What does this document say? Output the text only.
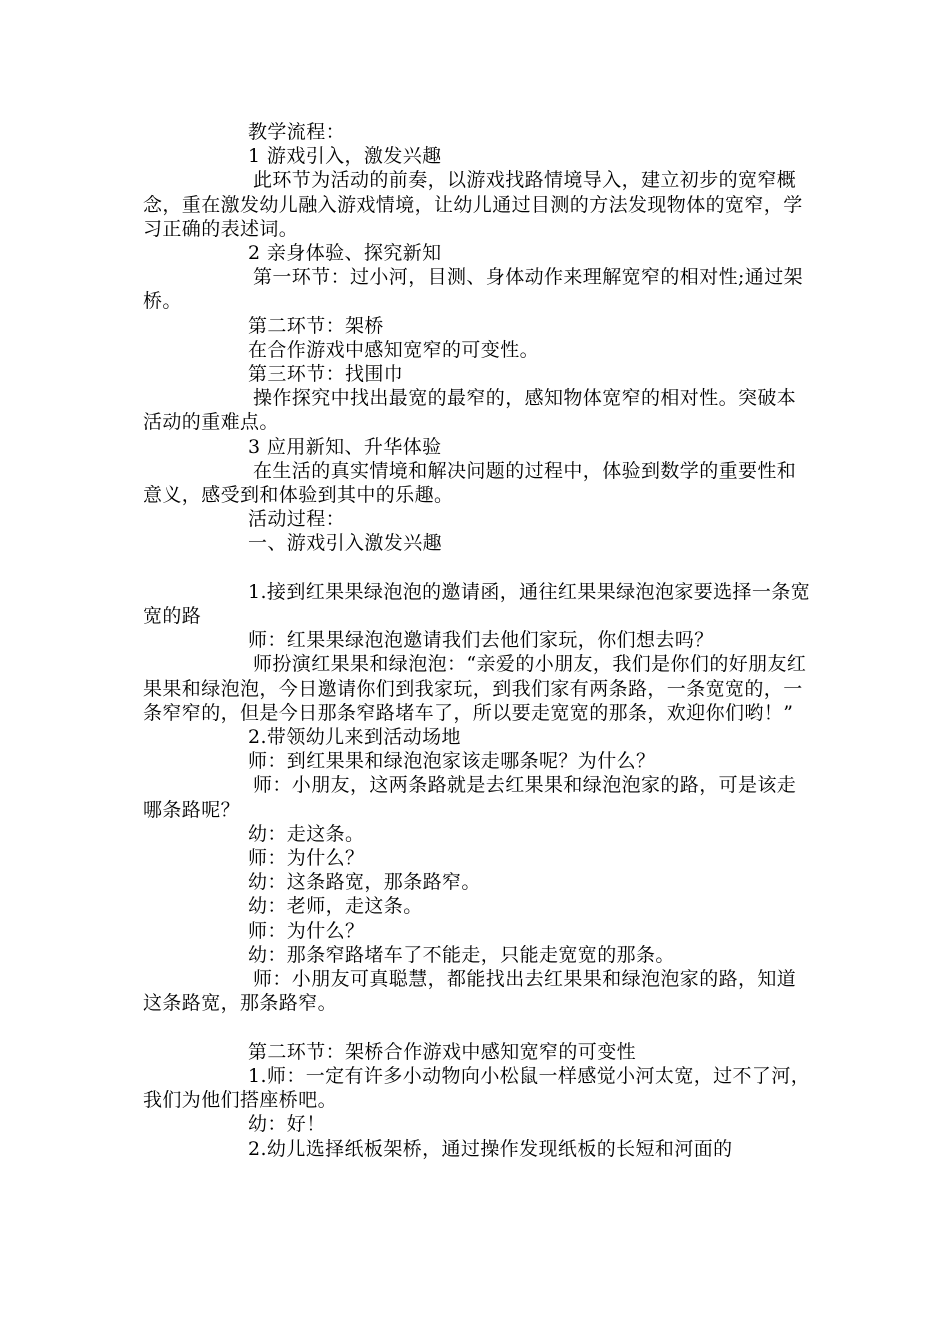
教学流程：

1 游戏引入，激发兴趣

此环节为活动的前奏，以游戏找路情境导入，建立初步的宽窄概念，重在激发幼儿融入游戏情境，让幼儿通过目测的方法发现物体的宽窄，学习正确的表述词。

2 亲身体验、探究新知

第一环节：过小河，目测、身体动作来理解宽窄的相对性;通过架桥。

第二环节：架桥

在合作游戏中感知宽窄的可变性。

第三环节：找围巾

操作探究中找出最宽的最窄的，感知物体宽窄的相对性。突破本活动的重难点。

3 应用新知、升华体验

在生活的真实情境和解决问题的过程中，体验到数学的重要性和意义，感受到和体验到其中的乐趣。

活动过程：

一、游戏引入激发兴趣

1.接到红果果绿泡泡的邀请函，通往红果果绿泡泡家要选择一条宽宽的路

师：红果果绿泡泡邀请我们去他们家玩，你们想去吗？

师扮演红果果和绿泡泡：“亲爱的小朋友，我们是你们的好朋友红果果和绿泡泡，今日邀请你们到我家玩，到我们家有两条路，一条宽宽的，一条窄窄的，但是今日那条窄路堵车了，所以要走宽宽的那条，欢迎你们哟！”

2.带领幼儿来到活动场地

师：到红果果和绿泡泡家该走哪条呢？为什么？

师：小朋友，这两条路就是去红果果和绿泡泡家的路，可是该走哪条路呢？

幼：走这条。

师：为什么？

幼：这条路宽，那条路窄。

幼：老师，走这条。

师：为什么？

幼：那条窄路堵车了不能走，只能走宽宽的那条。

师：小朋友可真聪慧，都能找出去红果果和绿泡泡家的路，知道这条路宽，那条路窄。

第二环节：架桥合作游戏中感知宽窄的可变性

1.师：一定有许多小动物向小松鼠一样感觉小河太宽，过不了河，我们为他们搭座桥吧。

幼：好！

2.幼儿选择纸板架桥，通过操作发现纸板的长短和河面的
